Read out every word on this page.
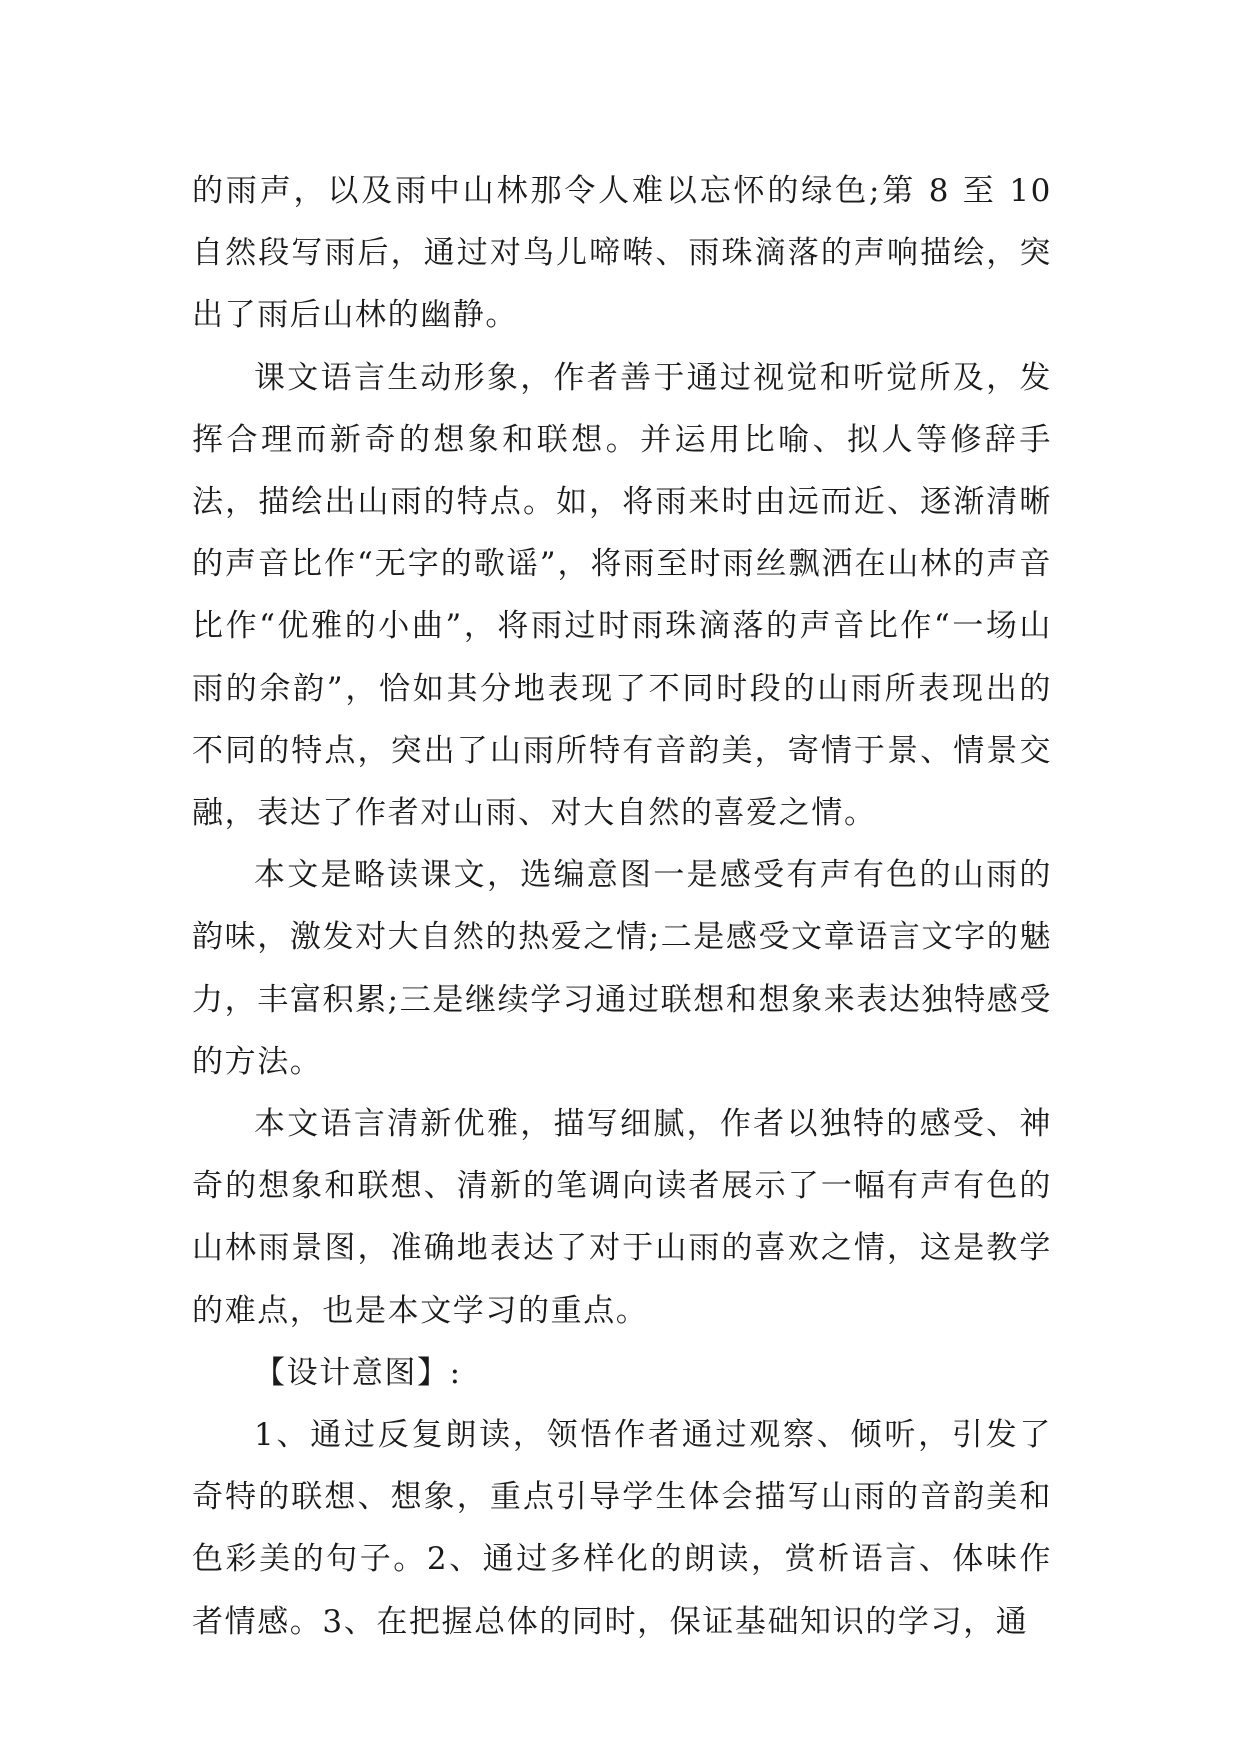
的雨声，以及雨中山林那令人难以忘怀的绿色;第 8 至 10 自然段写雨后，通过对鸟儿啼啭、雨珠滴落的声响描绘，突出了雨后山林的幽静。

课文语言生动形象，作者善于通过视觉和听觉所及，发挥合理而新奇的想象和联想。并运用比喻、拟人等修辞手法，描绘出山雨的特点。如，将雨来时由远而近、逐渐清晰的声音比作“无字的歌谣”，将雨至时雨丝飘洒在山林的声音比作“优雅的小曲”，将雨过时雨珠滴落的声音比作“一场山雨的余韵”，恰如其分地表现了不同时段的山雨所表现出的不同的特点，突出了山雨所特有音韵美，寄情于景、情景交融，表达了作者对山雨、对大自然的喜爱之情。

本文是略读课文，选编意图一是感受有声有色的山雨的韵味，激发对大自然的热爱之情;二是感受文章语言文字的魅力，丰富积累;三是继续学习通过联想和想象来表达独特感受的方法。

本文语言清新优雅，描写细腻，作者以独特的感受、神奇的想象和联想、清新的笔调向读者展示了一幅有声有色的山林雨景图，准确地表达了对于山雨的喜欢之情，这是教学的难点，也是本文学习的重点。

【设计意图】:

1、通过反复朗读，领悟作者通过观察、倾听，引发了奇特的联想、想象，重点引导学生体会描写山雨的音韵美和色彩美的句子。2、通过多样化的朗读，赏析语言、体味作者情感。3、在把握总体的同时，保证基础知识的学习，通
